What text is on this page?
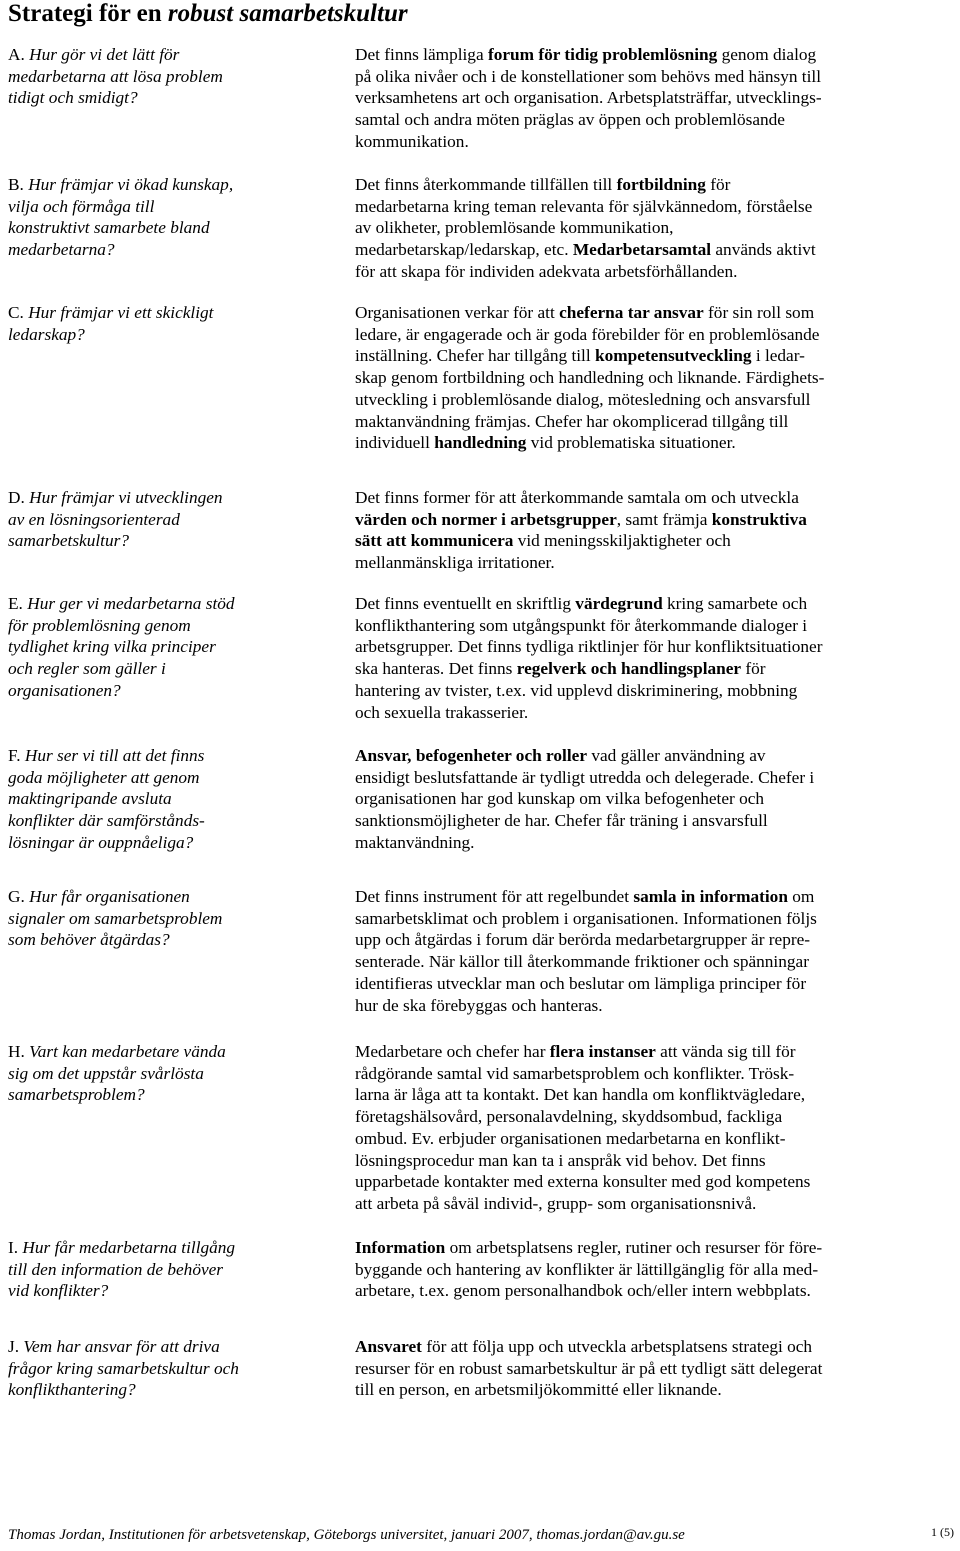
Strategi för en robust samarbetskultur
A. Hur gör vi det lätt för
medarbetarna att lösa problem
tidigt och smidigt?
Det finns lämpliga forum för tidig problemlösning genom dialog
på olika nivåer och i de konstellationer som behövs med hänsyn till
verksamhetens art och organisation. Arbetsplatsträffar, utvecklings-
samtal och andra möten präglas av öppen och problemlösande
kommunikation.
B. Hur främjar vi ökad kunskap,
vilja och förmåga till
konstruktivt samarbete bland
medarbetarna?
Det finns återkommande tillfällen till fortbildning för
medarbetarna kring teman relevanta för självkännedom, förståelse
av olikheter, problemlösande kommunikation,
medarbetarskap/ledarskap, etc. Medarbetarsamtal används aktivt
för att skapa för individen adekvata arbetsförhållanden.
C. Hur främjar vi ett skickligt
ledarskap?
Organisationen verkar för att cheferna tar ansvar för sin roll som
ledare, är engagerade och är goda förebilder för en problemlösande
inställning. Chefer har tillgång till kompetensutveckling i ledar-
skap genom fortbildning och handledning och liknande. Färdighets-
utveckling i problemlösande dialog, mötesledning och ansvarsfull
maktanvändning främjas. Chefer har okomplicerad tillgång till
individuell handledning vid problematiska situationer.
D. Hur främjar vi utvecklingen
av en lösningsorienterad
samarbetskultur?
Det finns former för att återkommande samtala om och utveckla
värden och normer i arbetsgrupper, samt främja konstruktiva
sätt att kommunicera vid meningsskiljaktigheter och
mellanmänskliga irritationer.
E. Hur ger vi medarbetarna stöd
för problemlösning genom
tydlighet kring vilka principer
och regler som gäller i
organisationen?
Det finns eventuellt en skriftlig värdegrund kring samarbete och
konflikthantering som utgångspunkt för återkommande dialoger i
arbetsgrupper. Det finns tydliga riktlinjer för hur konfliktsituationer
ska hanteras. Det finns regelverk och handlingsplaner för
hantering av tvister, t.ex. vid upplevd diskriminering, mobbning
och sexuella trakasserier.
F. Hur ser vi till att det finns
goda möjligheter att genom
maktingripande avsluta
konflikter där samförstånds-
lösningar är ouppnåeliga?
Ansvar, befogenheter och roller vad gäller användning av
ensidigt beslutsfattande är tydligt utredda och delegerade. Chefer i
organisationen har god kunskap om vilka befogenheter och
sanktionsmöjligheter de har. Chefer får träning i ansvarsfull
maktanvändning.
G. Hur får organisationen
signaler om samarbetsproblem
som behöver åtgärdas?
Det finns instrument för att regelbundet samla in information om
samarbetsklimat och problem i organisationen. Informationen följs
upp och åtgärdas i forum där berörda medarbetargrupper är repre-
senterade. När källor till återkommande friktioner och spänningar
identifieras utvecklar man och beslutar om lämpliga principer för
hur de ska förebyggas och hanteras.
H. Vart kan medarbetare vända
sig om det uppstår svårlösta
samarbetsproblem?
Medarbetare och chefer har flera instanser att vända sig till för
rådgörande samtal vid samarbetsproblem och konflikter. Trösk-
larna är låga att ta kontakt. Det kan handla om konfliktvägledare,
företagshälsovård, personalavdelning, skyddsombud, fackliga
ombud. Ev. erbjuder organisationen medarbetarna en konflikt-
lösningsprocedur man kan ta i anspråk vid behov. Det finns
upparbetade kontakter med externa konsulter med god kompetens
att arbeta på såväl individ-, grupp- som organisationsnivå.
I. Hur får medarbetarna tillgång
till den information de behöver
vid konflikter?
Information om arbetsplatsens regler, rutiner och resurser för före-
byggande och hantering av konflikter är lättillgänglig för alla med-
arbetare, t.ex. genom personalhandbok och/eller intern webbplats.
J. Vem har ansvar för att driva
frågor kring samarbetskultur och
konflikthantering?
Ansvaret för att följa upp och utveckla arbetsplatsens strategi och
resurser för en robust samarbetskultur är på ett tydligt sätt delegerat
till en person, en arbetsmiljökommitté eller liknande.
Thomas Jordan, Institutionen för arbetsvetenskap, Göteborgs universitet, januari 2007, thomas.jordan@av.gu.se	1 (5)
